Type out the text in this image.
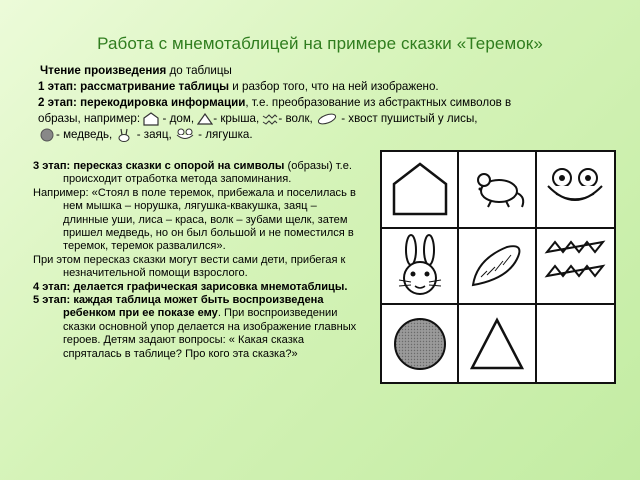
Работа с мнемотаблицей на примере сказки «Теремок»
Чтение произведения до таблицы
1 этап: рассматривание таблицы и разбор того, что на ней изображено.
2 этап: перекодировка информации, т.е. преобразование из абстрактных символов в
образы, например:
- дом,
- крыша,
- волк,
- хвост пушистый у лисы,
- медведь,
- заяц,
- лягушка.

3 этап: пересказ сказки с опорой на символы (образы) т.е. происходит отработка метода запоминания.

Например: «Стоял в поле теремок, прибежала и поселилась в нем мышка – норушка, лягушка-квакушка, заяц – длинные уши, лиса – краса, волк – зубами щелк, затем пришел медведь, но он был большой и не поместился в теремок, теремок развалился».

При этом пересказ сказки могут вести сами дети, прибегая к незначительной помощи взрослого.

4 этап: делается графическая зарисовка мнемотаблицы.

5 этап: каждая таблица может быть воспроизведена ребенком при ее показе ему. При воспроизведении сказки основной упор делается на изображение главных героев. Детям задают вопросы: « Какая сказка спряталась в таблице? Про кого эта сказка?»
